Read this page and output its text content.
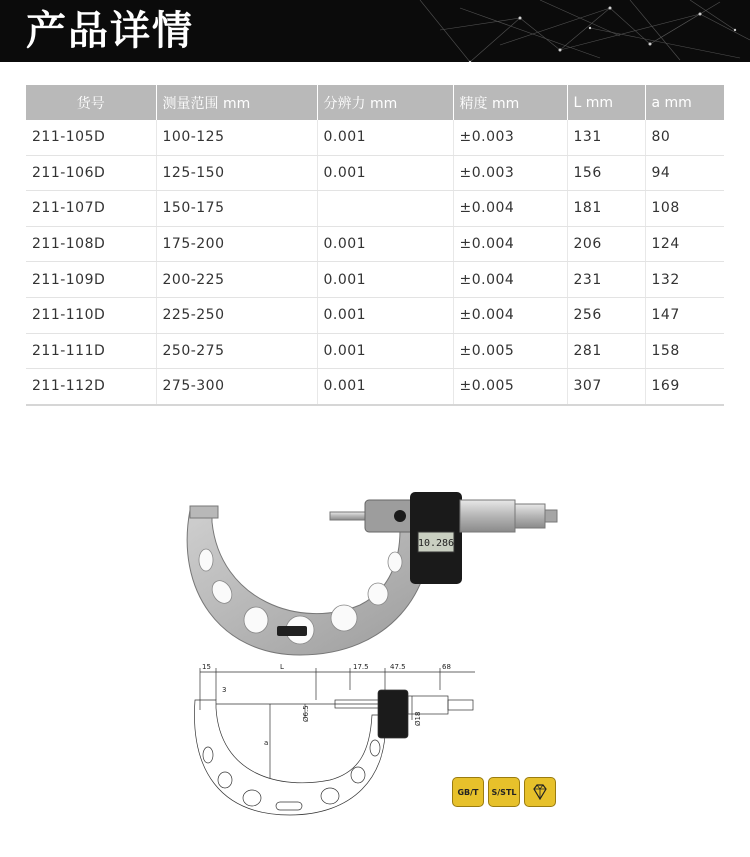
产品详情
货号	测量范围 mm	分辨力 mm	精度 mm	L mm	a mm
211-105D	100-125	0.001	±0.003	131	80
211-106D	125-150	0.001	±0.003	156	94
211-107D	150-175		±0.004	181	108
211-108D	175-200	0.001	±0.004	206	124
211-109D	200-225	0.001	±0.004	231	132
211-110D	225-250	0.001	±0.004	256	147
211-111D	250-275	0.001	±0.005	281	158
211-112D	275-300	0.001	±0.005	307	169
10.286
15
3
L	17.5	47.5	68
Ø6.5
a
Ø18
GB/T	S/STL
